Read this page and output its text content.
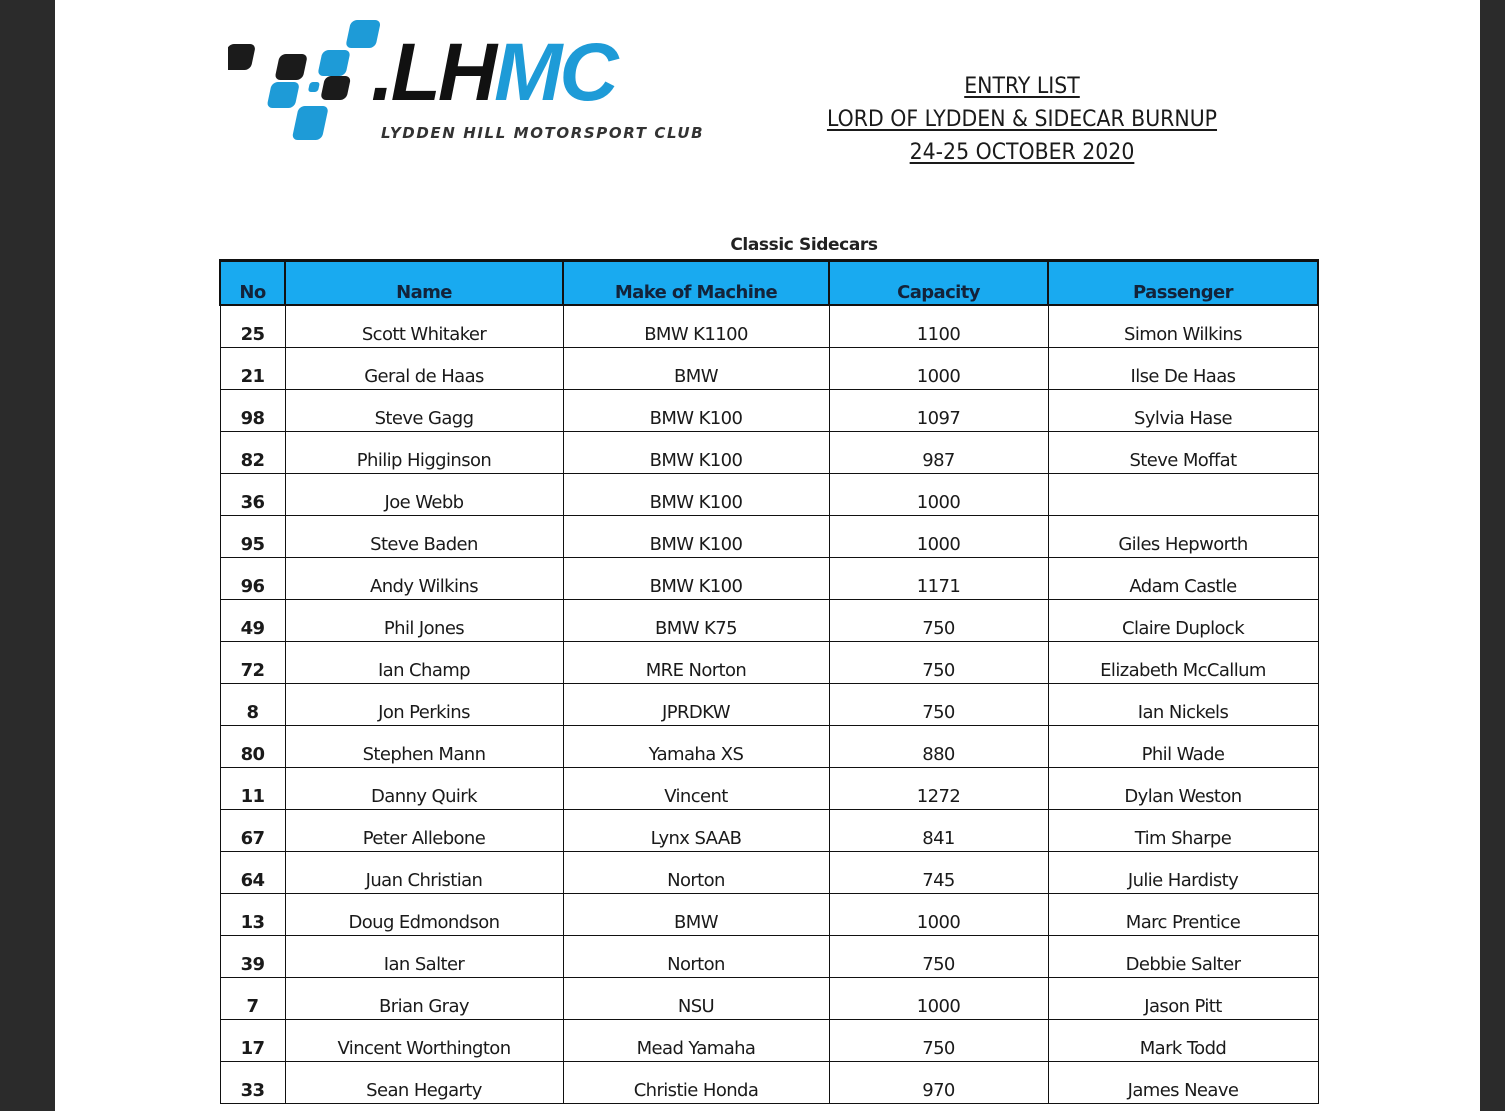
.LHMC
LYDDEN HILL MOTORSPORT CLUB
ENTRY LIST
LORD OF LYDDEN & SIDECAR BURNUP
24-25 OCTOBER 2020
Classic Sidecars
No	Name	Make of Machine	Capacity	Passenger
25	Scott Whitaker	BMW K1100	1100	Simon Wilkins
21	Geral de Haas	BMW	1000	Ilse De Haas
98	Steve Gagg	BMW K100	1097	Sylvia Hase
82	Philip Higginson	BMW K100	987	Steve Moffat
36	Joe Webb	BMW K100	1000	
95	Steve Baden	BMW K100	1000	Giles Hepworth
96	Andy Wilkins	BMW K100	1171	Adam Castle
49	Phil Jones	BMW K75	750	Claire Duplock
72	Ian Champ	MRE Norton	750	Elizabeth McCallum
8	Jon Perkins	JPRDKW	750	Ian Nickels
80	Stephen Mann	Yamaha XS	880	Phil Wade
11	Danny Quirk	Vincent	1272	Dylan Weston
67	Peter Allebone	Lynx SAAB	841	Tim Sharpe
64	Juan Christian	Norton	745	Julie Hardisty
13	Doug Edmondson	BMW	1000	Marc Prentice
39	Ian Salter	Norton	750	Debbie Salter
7	Brian Gray	NSU	1000	Jason Pitt
17	Vincent Worthington	Mead Yamaha	750	Mark Todd
33	Sean Hegarty	Christie Honda	970	James Neave
